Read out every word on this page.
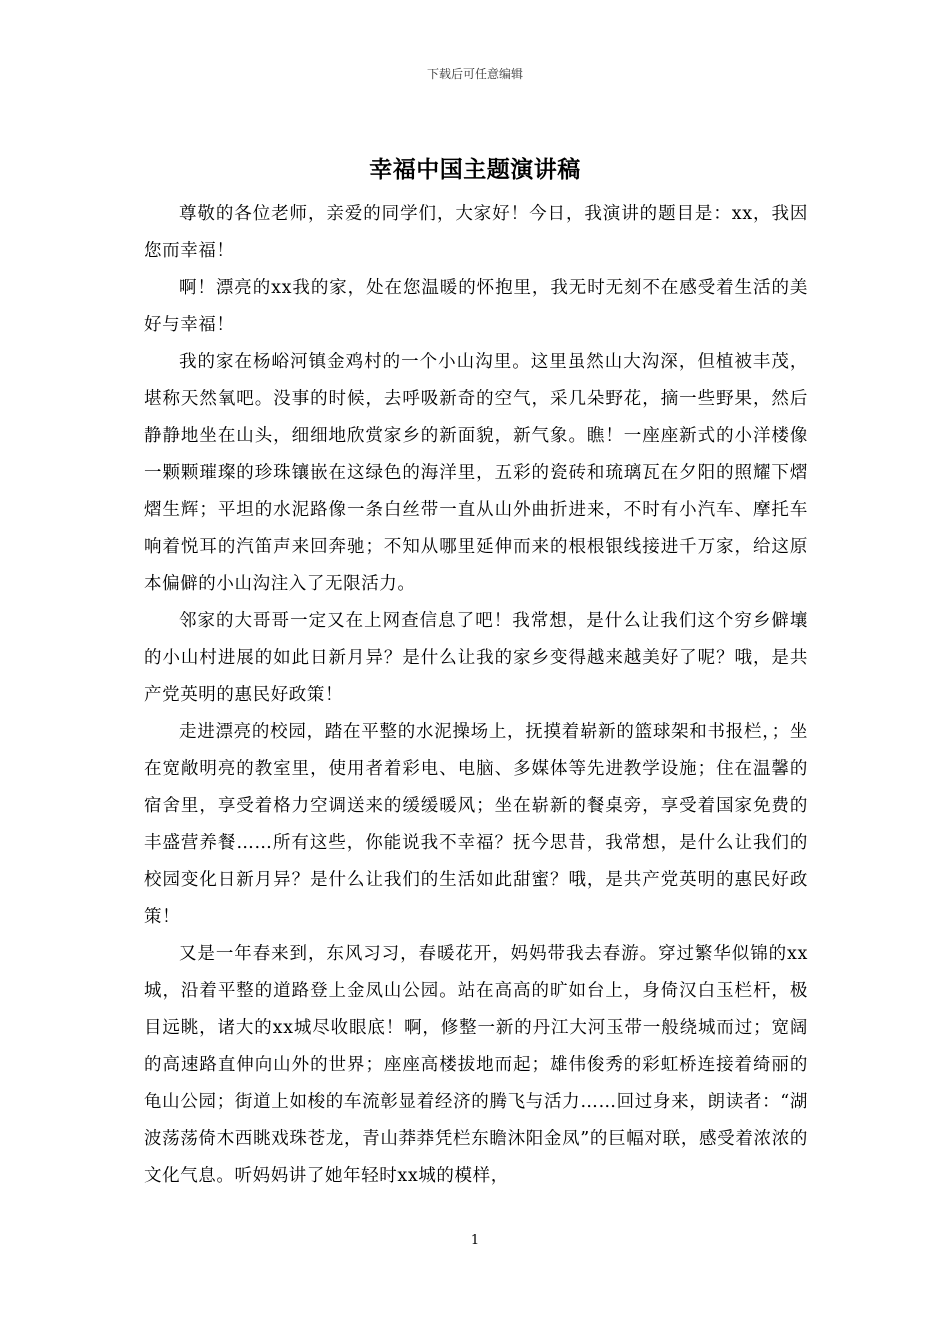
下载后可任意编辑
幸福中国主题演讲稿

尊敬的各位老师，亲爱的同学们，大家好！今日，我演讲的题目是：xx，我因您而幸福！

啊！漂亮的xx我的家，处在您温暖的怀抱里，我无时无刻不在感受着生活的美好与幸福！

我的家在杨峪河镇金鸡村的一个小山沟里。这里虽然山大沟深，但植被丰茂，堪称天然氧吧。没事的时候，去呼吸新奇的空气，采几朵野花，摘一些野果，然后静静地坐在山头，细细地欣赏家乡的新面貌，新气象。瞧！一座座新式的小洋楼像一颗颗璀璨的珍珠镶嵌在这绿色的海洋里，五彩的瓷砖和琉璃瓦在夕阳的照耀下熠熠生辉；平坦的水泥路像一条白丝带一直从山外曲折进来，不时有小汽车、摩托车响着悦耳的汽笛声来回奔驰；不知从哪里延伸而来的根根银线接进千万家，给这原本偏僻的小山沟注入了无限活力。

邻家的大哥哥一定又在上网查信息了吧！我常想，是什么让我们这个穷乡僻壤的小山村进展的如此日新月异？是什么让我的家乡变得越来越美好了呢？哦，是共产党英明的惠民好政策！

走进漂亮的校园，踏在平整的水泥操场上，抚摸着崭新的篮球架和书报栏，；坐在宽敞明亮的教室里，使用者着彩电、电脑、多媒体等先进教学设施；住在温馨的宿舍里，享受着格力空调送来的缓缓暖风；坐在崭新的餐桌旁，享受着国家免费的丰盛营养餐……所有这些，你能说我不幸福？抚今思昔，我常想，是什么让我们的校园变化日新月异？是什么让我们的生活如此甜蜜？哦，是共产党英明的惠民好政策！

又是一年春来到，东风习习，春暖花开，妈妈带我去春游。穿过繁华似锦的xx城，沿着平整的道路登上金凤山公园。站在高高的旷如台上，身倚汉白玉栏杆，极目远眺，诸大的xx城尽收眼底！啊，修整一新的丹江大河玉带一般绕城而过；宽阔的高速路直伸向山外的世界；座座高楼拔地而起；雄伟俊秀的彩虹桥连接着绮丽的龟山公园；街道上如梭的车流彰显着经济的腾飞与活力……回过身来，朗读者：“湖波荡荡倚木西眺戏珠苍龙，青山莽莽凭栏东瞻沐阳金凤”的巨幅对联，感受着浓浓的文化气息。听妈妈讲了她年轻时xx城的模样，

1
